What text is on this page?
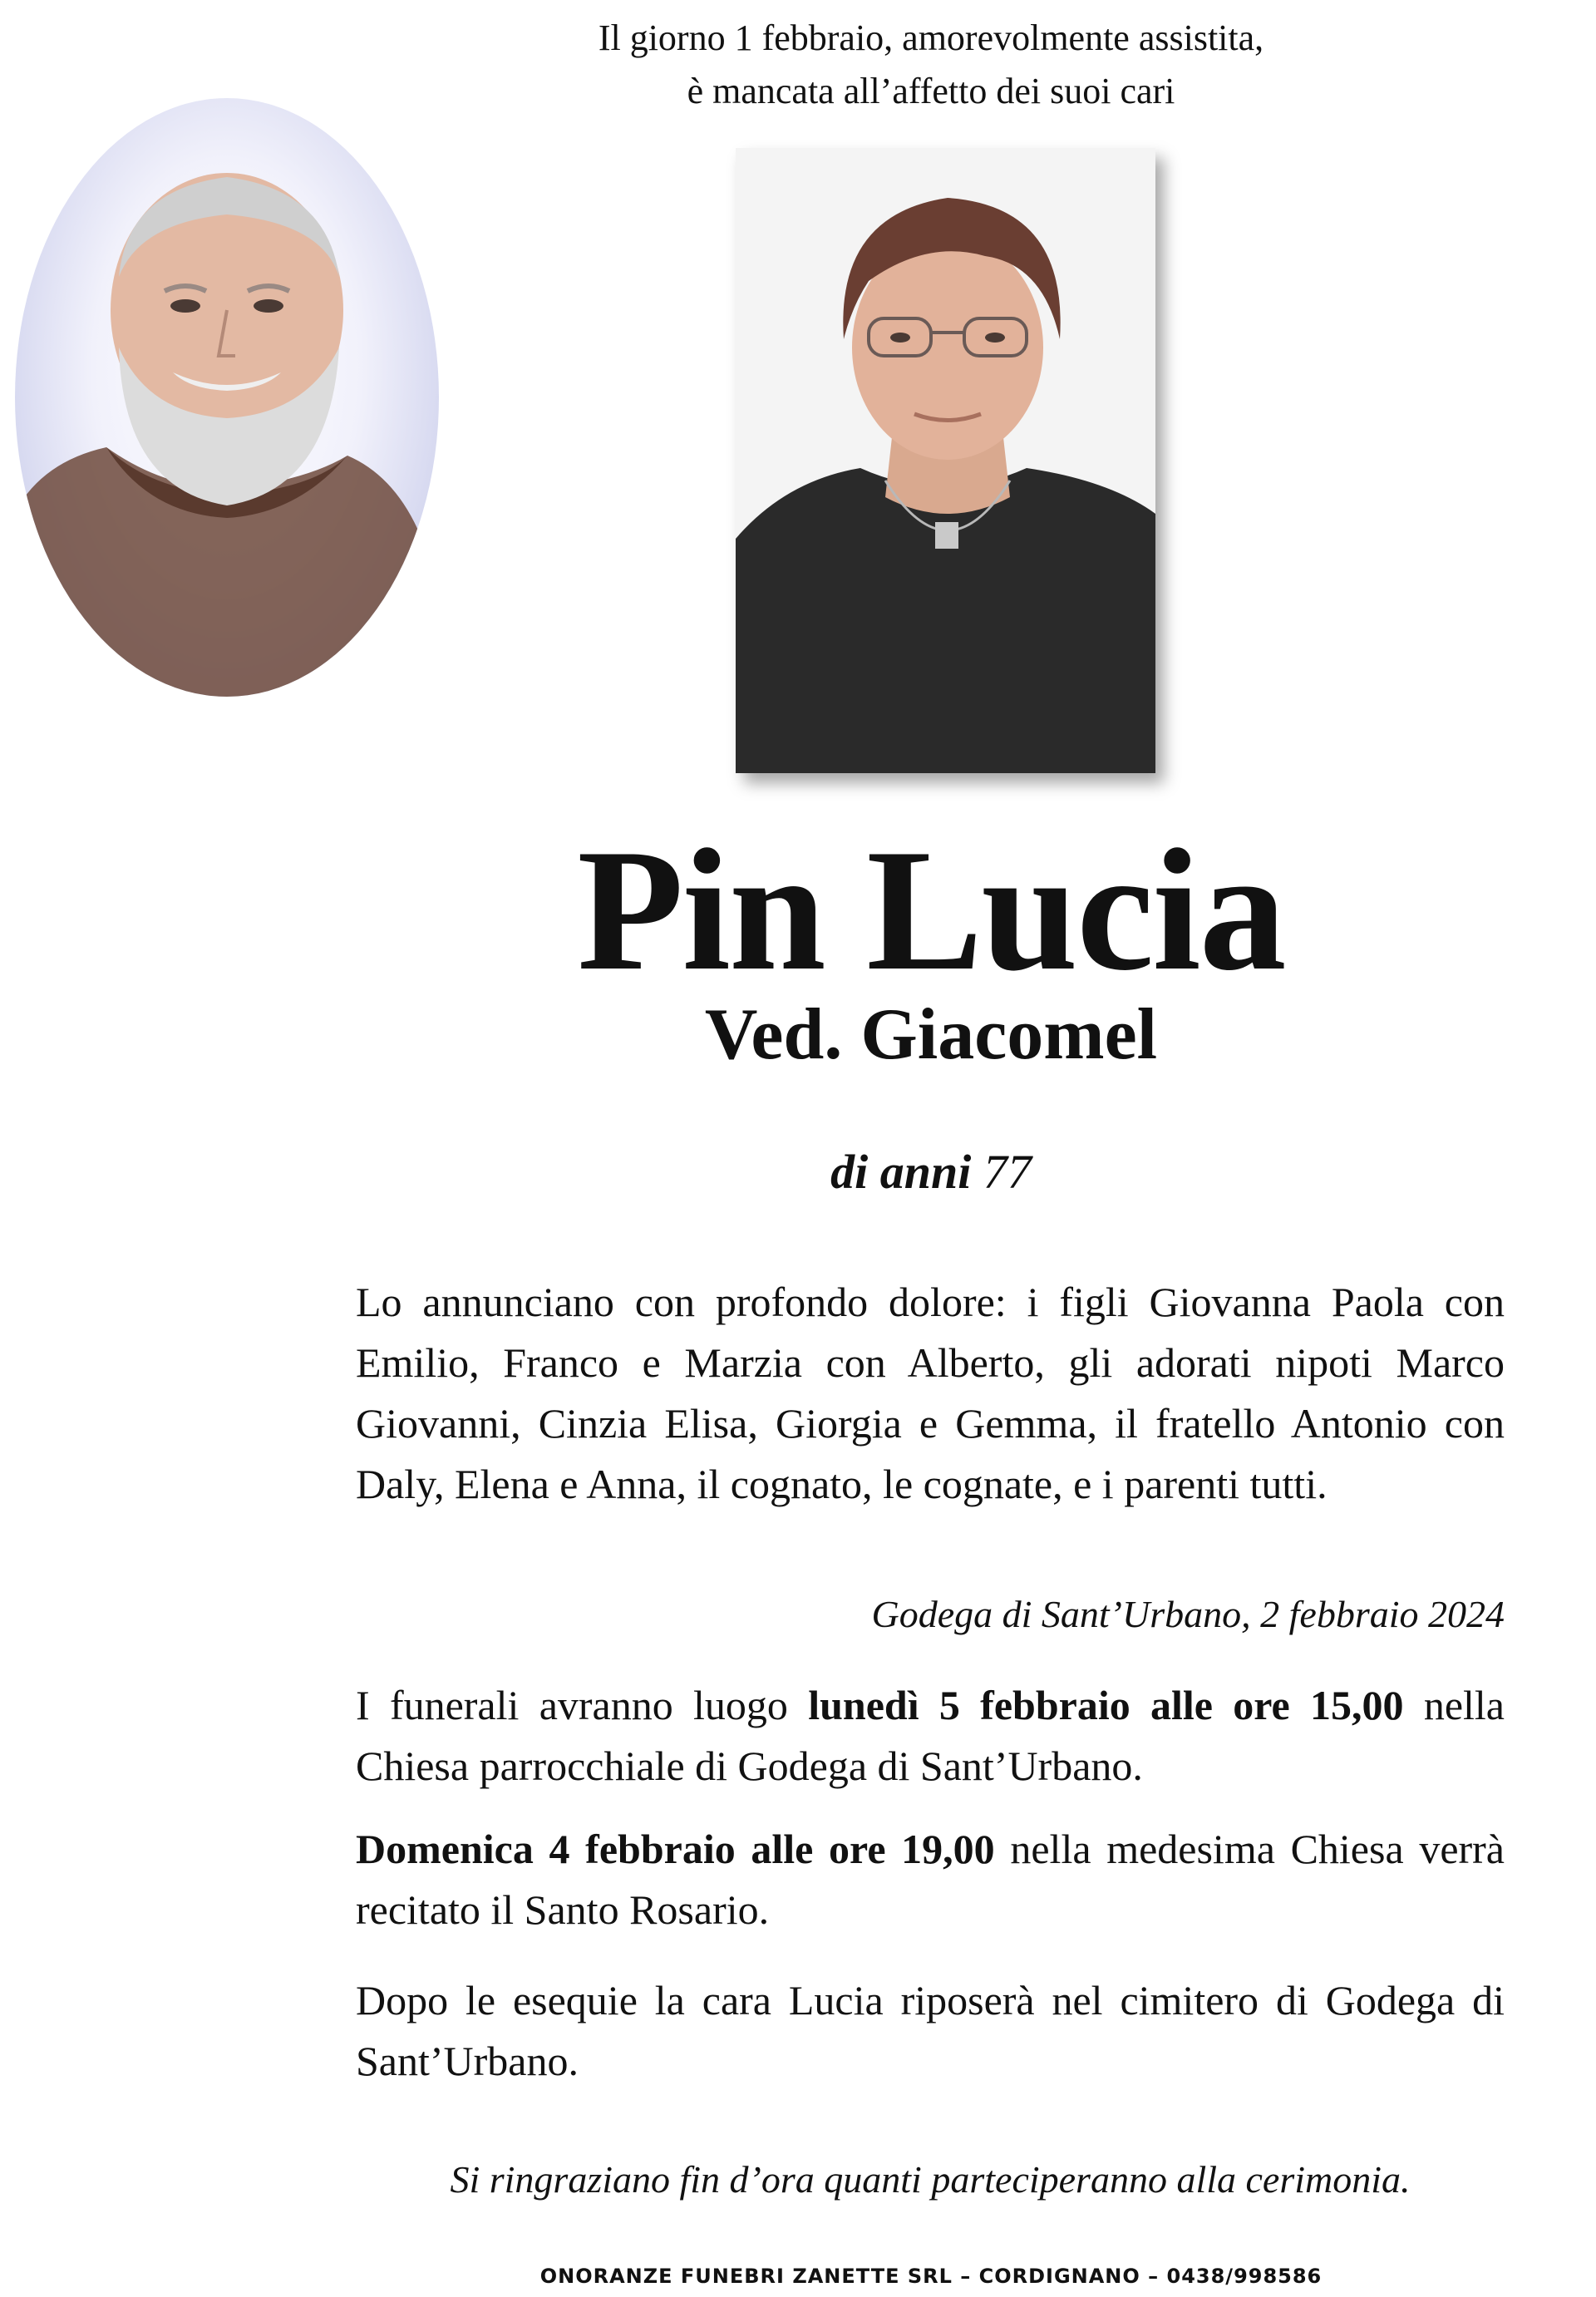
Il giorno 1 febbraio, amorevolmente assistita,
è mancata all’affetto dei suoi cari
Pin Lucia
Ved. Giacomel
di anni 77
Lo annunciano con profondo dolore: i figli Giovanna Paola con Emilio, Franco e Marzia con Alberto, gli adorati nipoti Marco Giovanni, Cinzia Elisa, Giorgia e Gemma, il fratello Antonio con Daly, Elena e Anna, il cognato, le cognate, e i parenti tutti.
Godega di Sant’Urbano, 2 febbraio 2024
I funerali avranno luogo lunedì 5 febbraio alle ore 15,00 nella Chiesa parrocchiale di Godega di Sant’Urbano.
Domenica 4 febbraio alle ore 19,00 nella medesima Chiesa verrà recitato il Santo Rosario.
Dopo le esequie la cara Lucia riposerà nel cimitero di Godega di Sant’Urbano.
Si ringraziano fin d’ora quanti parteciperanno alla cerimonia.
ONORANZE FUNEBRI ZANETTE SRL – CORDIGNANO – 0438/998586
